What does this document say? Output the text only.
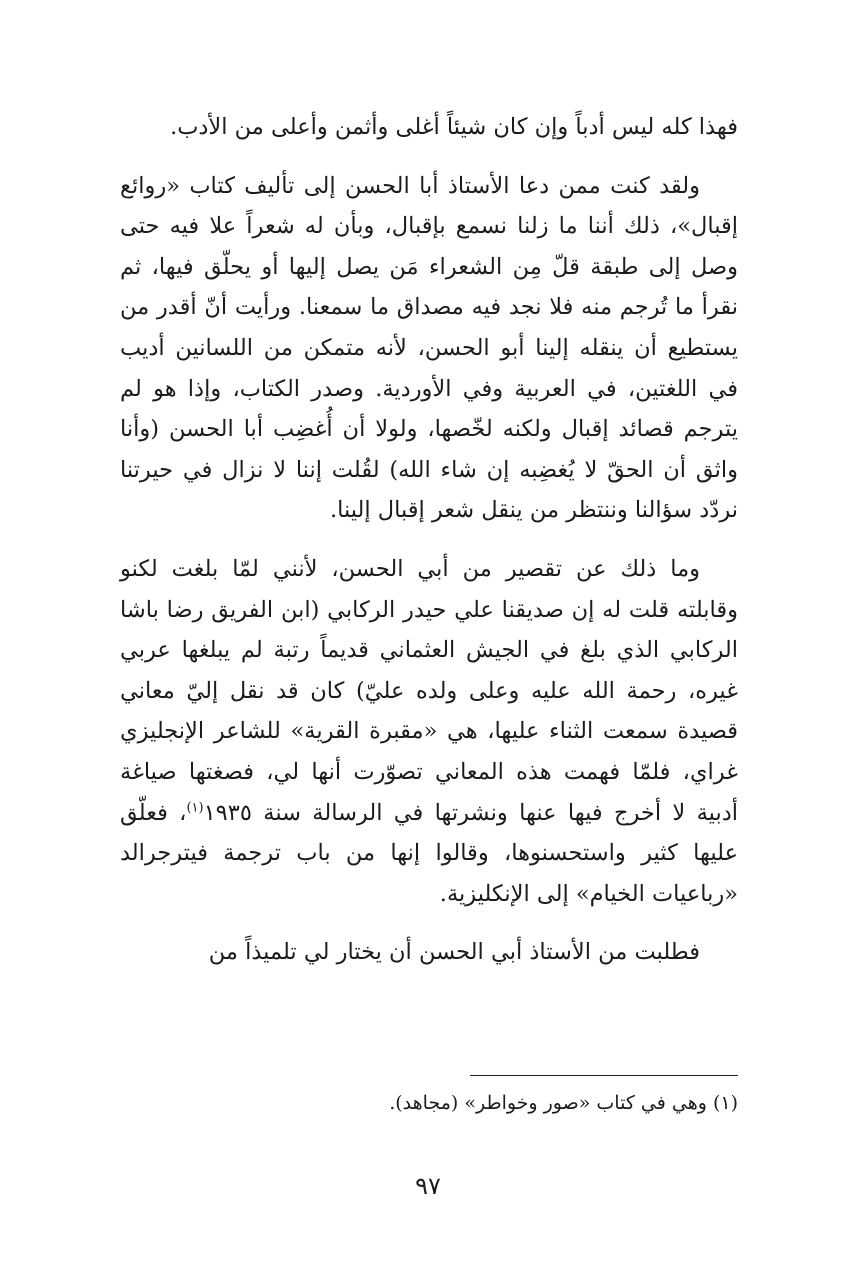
فهذا كله ليس أدباً وإن كان شيئاً أغلى وأثمن وأعلى من الأدب.

ولقد كنت ممن دعا الأستاذ أبا الحسن إلى تأليف كتاب «روائع إقبال»، ذلك أننا ما زلنا نسمع بإقبال، وبأن له شعراً علا فيه حتى وصل إلى طبقة قلّ مِن الشعراء مَن يصل إليها أو يحلّق فيها، ثم نقرأ ما تُرجم منه فلا نجد فيه مصداق ما سمعنا. ورأيت أنّ أقدر من يستطيع أن ينقله إلينا أبو الحسن، لأنه متمكن من اللسانين أديب في اللغتين، في العربية وفي الأوردية. وصدر الكتاب، وإذا هو لم يترجم قصائد إقبال ولكنه لخّصها، ولولا أن أُغضِب أبا الحسن (وأنا واثق أن الحقّ لا يُغضِبه إن شاء الله) لقُلت إننا لا نزال في حيرتنا نردّد سؤالنا وننتظر من ينقل شعر إقبال إلينا.

وما ذلك عن تقصير من أبي الحسن، لأنني لمّا بلغت لكنو وقابلته قلت له إن صديقنا علي حيدر الركابي (ابن الفريق رضا باشا الركابي الذي بلغ في الجيش العثماني قديماً رتبة لم يبلغها عربي غيره، رحمة الله عليه وعلى ولده عليّ) كان قد نقل إليّ معاني قصيدة سمعت الثناء عليها، هي «مقبرة القرية» للشاعر الإنجليزي غراي، فلمّا فهمت هذه المعاني تصوّرت أنها لي، فصغتها صياغة أدبية لا أخرج فيها عنها ونشرتها في الرسالة سنة ١٩٣٥$^{(١)}$، فعلّق عليها كثير واستحسنوها، وقالوا إنها من باب ترجمة فيترجرالد «رباعيات الخيام» إلى الإنكليزية.

فطلبت من الأستاذ أبي الحسن أن يختار لي تلميذاً من

(١) وهي في كتاب «صور وخواطر» (مجاهد).
٩٧
